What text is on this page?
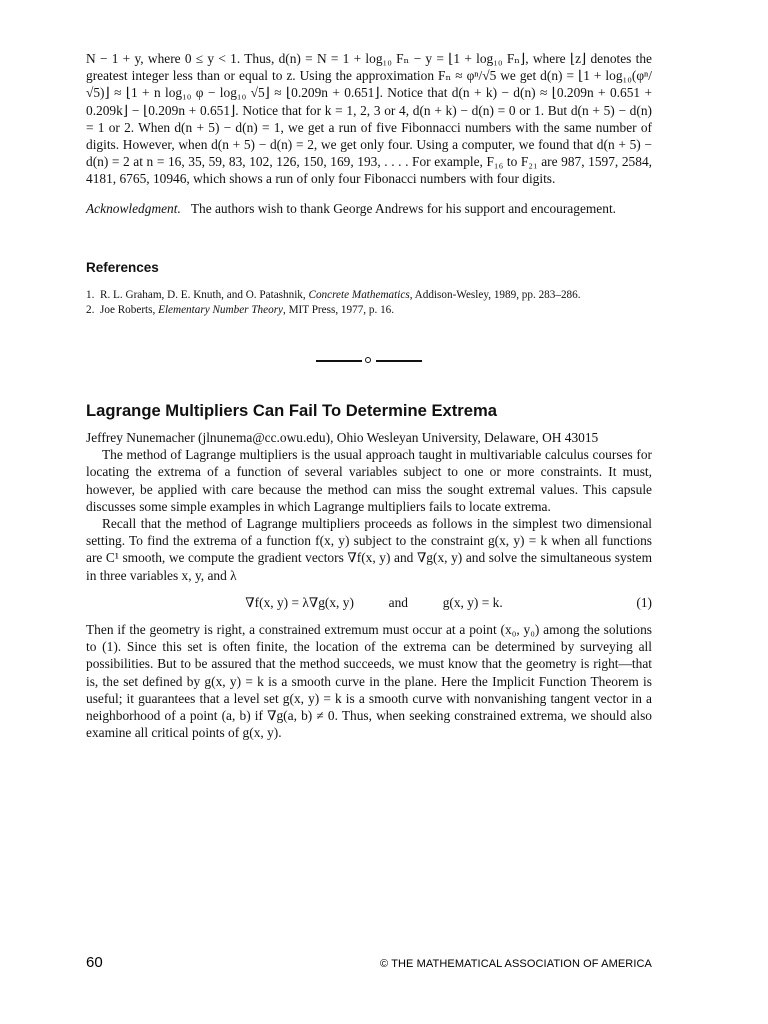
N − 1 + y, where 0 ≤ y < 1. Thus, d(n) = N = 1 + log₁₀ Fₙ − y = ⌊1 + log₁₀ Fₙ⌋, where ⌊z⌋ denotes the greatest integer less than or equal to z. Using the approximation Fₙ ≈ φⁿ/√5 we get d(n) = ⌊1 + log₁₀(φⁿ/√5)⌋ ≈ ⌊1 + n log₁₀ φ − log₁₀ √5⌋ ≈ ⌊0.209n + 0.651⌋. Notice that d(n + k) − d(n) ≈ ⌊0.209n + 0.651 + 0.209k⌋ − ⌊0.209n + 0.651⌋. Notice that for k = 1, 2, 3 or 4, d(n + k) − d(n) = 0 or 1. But d(n + 5) − d(n) = 1 or 2. When d(n + 5) − d(n) = 1, we get a run of five Fibonnacci numbers with the same number of digits. However, when d(n + 5) − d(n) = 2, we get only four. Using a computer, we found that d(n + 5) − d(n) = 2 at n = 16, 35, 59, 83, 102, 126, 150, 169, 193, . . . . For example, F₁₆ to F₂₁ are 987, 1597, 2584, 4181, 6765, 10946, which shows a run of only four Fibonacci numbers with four digits.

Acknowledgment. The authors wish to thank George Andrews for his support and encouragement.

References
1. R. L. Graham, D. E. Knuth, and O. Patashnik, Concrete Mathematics, Addison-Wesley, 1989, pp. 283–286.
2. Joe Roberts, Elementary Number Theory, MIT Press, 1977, p. 16.
Lagrange Multipliers Can Fail To Determine Extrema

Jeffrey Nunemacher (jlnunema@cc.owu.edu), Ohio Wesleyan University, Delaware, OH 43015

The method of Lagrange multipliers is the usual approach taught in multivariable calculus courses for locating the extrema of a function of several variables subject to one or more constraints. It must, however, be applied with care because the method can miss the sought extremal values. This capsule discusses some simple examples in which Lagrange multipliers fails to locate extrema.

Recall that the method of Lagrange multipliers proceeds as follows in the simplest two dimensional setting. To find the extrema of a function f(x, y) subject to the constraint g(x, y) = k when all functions are C¹ smooth, we compute the gradient vectors ∇f(x, y) and ∇g(x, y) and solve the simultaneous system in three variables x, y, and λ

∇f(x, y) = λ∇g(x, y)	and	g(x, y) = k.	(1)

Then if the geometry is right, a constrained extremum must occur at a point (x₀, y₀) among the solutions to (1). Since this set is often finite, the location of the extrema can be determined by surveying all possibilities. But to be assured that the method succeeds, we must know that the geometry is right—that is, the set defined by g(x, y) = k is a smooth curve in the plane. Here the Implicit Function Theorem is useful; it guarantees that a level set g(x, y) = k is a smooth curve with nonvanishing tangent vector in a neighborhood of a point (a, b) if ∇g(a, b) ≠ 0. Thus, when seeking constrained extrema, we should also examine all critical points of g(x, y).

60	© THE MATHEMATICAL ASSOCIATION OF AMERICA
